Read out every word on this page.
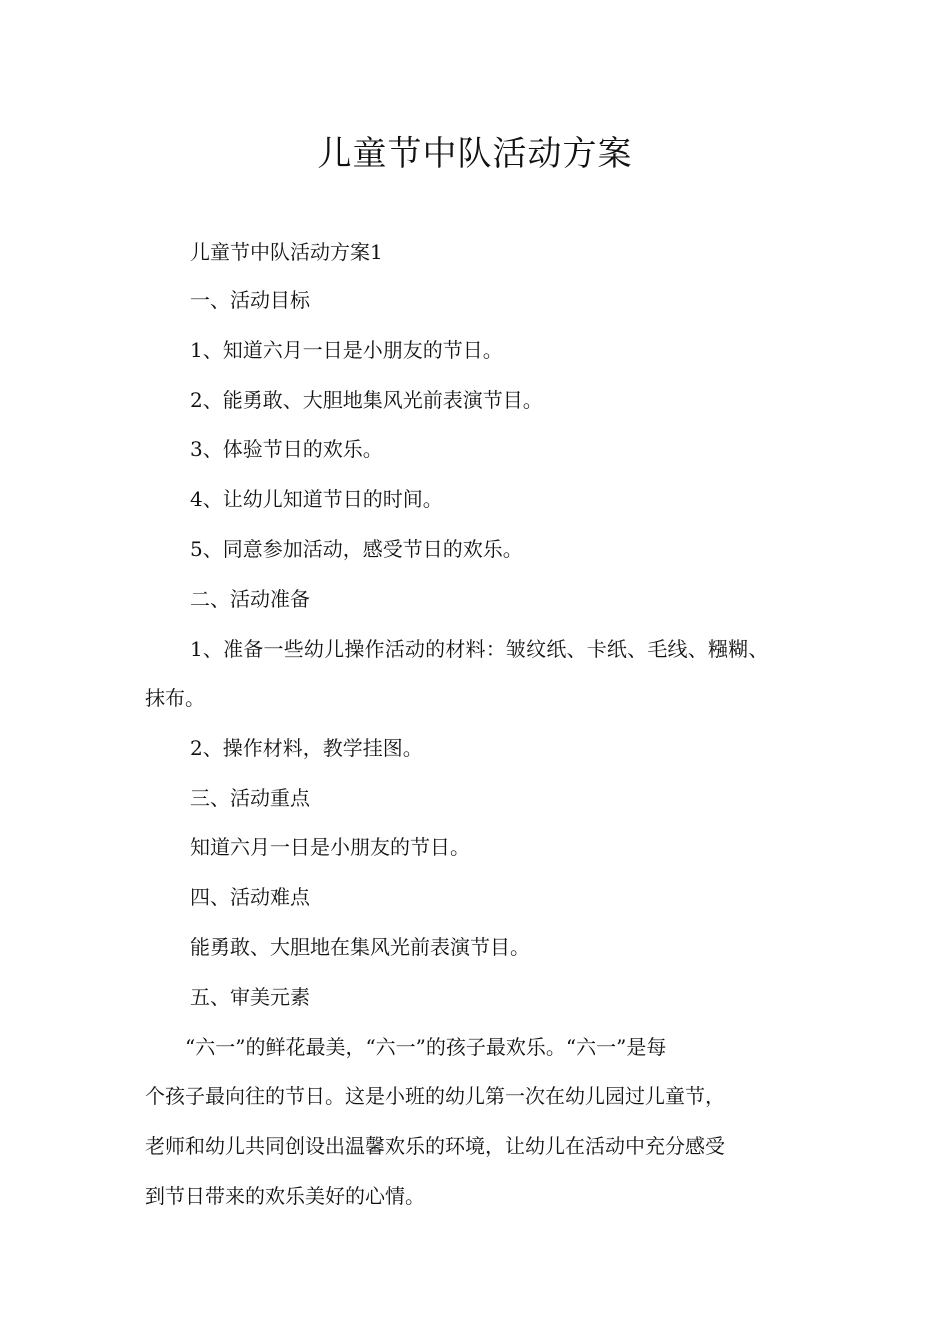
儿童节中队活动方案

儿童节中队活动方案1

一、活动目标

1、知道六月一日是小朋友的节日。

2、能勇敢、大胆地集风光前表演节目。

3、体验节日的欢乐。

4、让幼儿知道节日的时间。

5、同意参加活动，感受节日的欢乐。

二、活动准备

1、准备一些幼儿操作活动的材料：皱纹纸、卡纸、毛线、糨糊、

抹布。

2、操作材料，教学挂图。

三、活动重点

知道六月一日是小朋友的节日。

四、活动难点

能勇敢、大胆地在集风光前表演节目。

五、审美元素

“六一”的鲜花最美，“六一”的孩子最欢乐。“六一”是每

个孩子最向往的节日。这是小班的幼儿第一次在幼儿园过儿童节，

老师和幼儿共同创设出温馨欢乐的环境，让幼儿在活动中充分感受

到节日带来的欢乐美好的心情。
